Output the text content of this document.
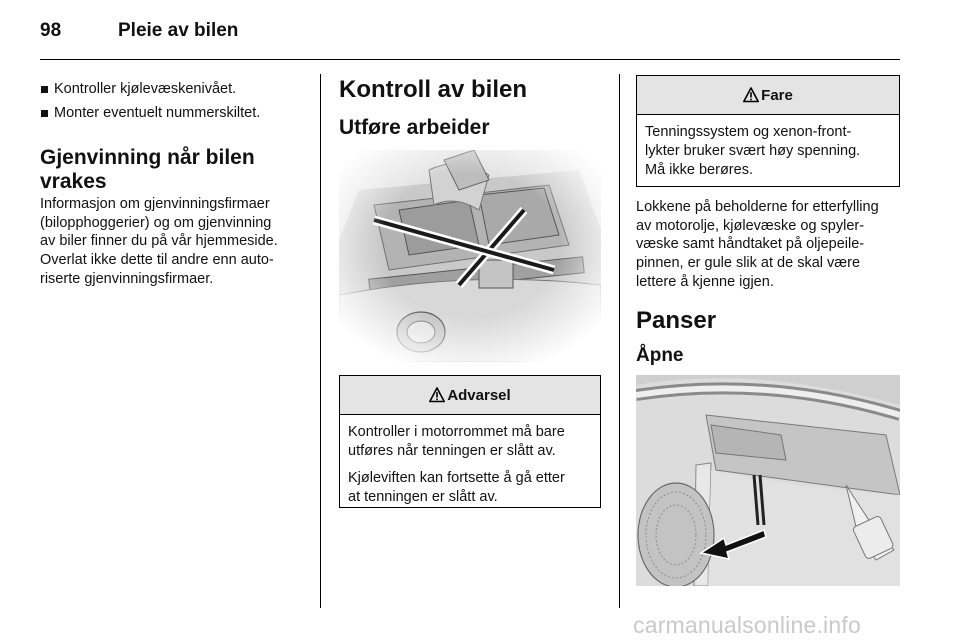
98	Pleie av bilen
Kontroller kjølevæskenivået.
Monter eventuelt nummerskiltet.
Gjenvinning når bilen
vrakes
Informasjon om gjenvinningsfirmaer
(bilopphoggerier) og om gjenvinning
av biler finner du på vår hjemmeside.
Overlat ikke dette til andre enn auto-
riserte gjenvinningsfirmaer.
Kontroll av bilen
Utføre arbeider
Advarsel

Kontroller i motorrommet må bare
utføres når tenningen er slått av.

Kjøleviften kan fortsette å gå etter
at tenningen er slått av.

Fare
Tenningssystem og xenon-front-
lykter bruker svært høy spenning.
Må ikke berøres.
Lokkene på beholderne for etterfylling
av motorolje, kjølevæske og spyler-
væske samt håndtaket på oljepeile-
pinnen, er gule slik at de skal være
lettere å kjenne igjen.
Panser
Åpne
carmanualsonline.info
